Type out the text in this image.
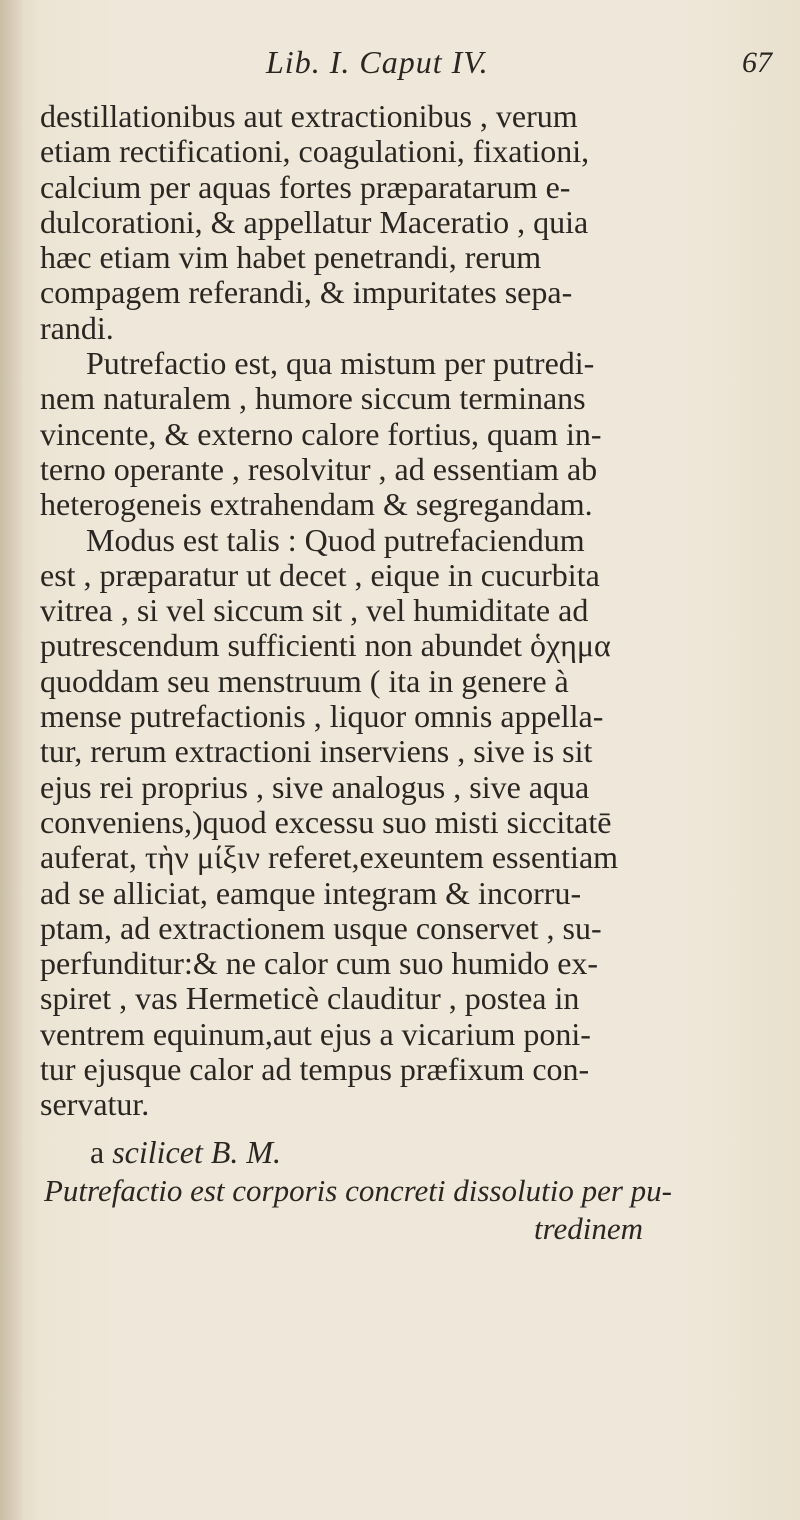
Lib. I. Caput IV.	67
destillationibus aut extractionibus , verum
etiam rectificationi, coagulationi, fixationi,
calcium per aquas fortes præparatarum e-
dulcorationi, & appellatur Maceratio , quia
hæc etiam vim habet penetrandi, rerum
compagem referandi, & impuritates sepa-
randi.
Putrefactio est, qua mistum per putredi-
nem naturalem , humore siccum terminans
vincente, & externo calore fortius, quam in-
terno operante , resolvitur , ad essentiam ab
heterogeneis extrahendam & segregandam.
Modus est talis : Quod putrefaciendum
est , præparatur ut decet , eique in cucurbita
vitrea , si vel siccum sit , vel humiditate ad
putrescendum sufficienti non abundet ὁχημα
quoddam seu menstruum ( ita in genere à
mense putrefactionis , liquor omnis appella-
tur, rerum extractioni inserviens , sive is sit
ejus rei proprius , sive analogus , sive aqua
conveniens,)quod excessu suo misti siccitatē
auferat, τὴν μίξιν referet,exeuntem essentiam
ad se alliciat, eamque integram & incorru-
ptam, ad extractionem usque conservet , su-
perfunditur:& ne calor cum suo humido ex-
spiret , vas Hermeticè clauditur , postea in
ventrem equinum,aut ejus a vicarium poni-
tur ejusque calor ad tempus præfixum con-
servatur.
a scilicet B. M.
Putrefactio est corporis concreti dissolutio per pu-
tredinem
